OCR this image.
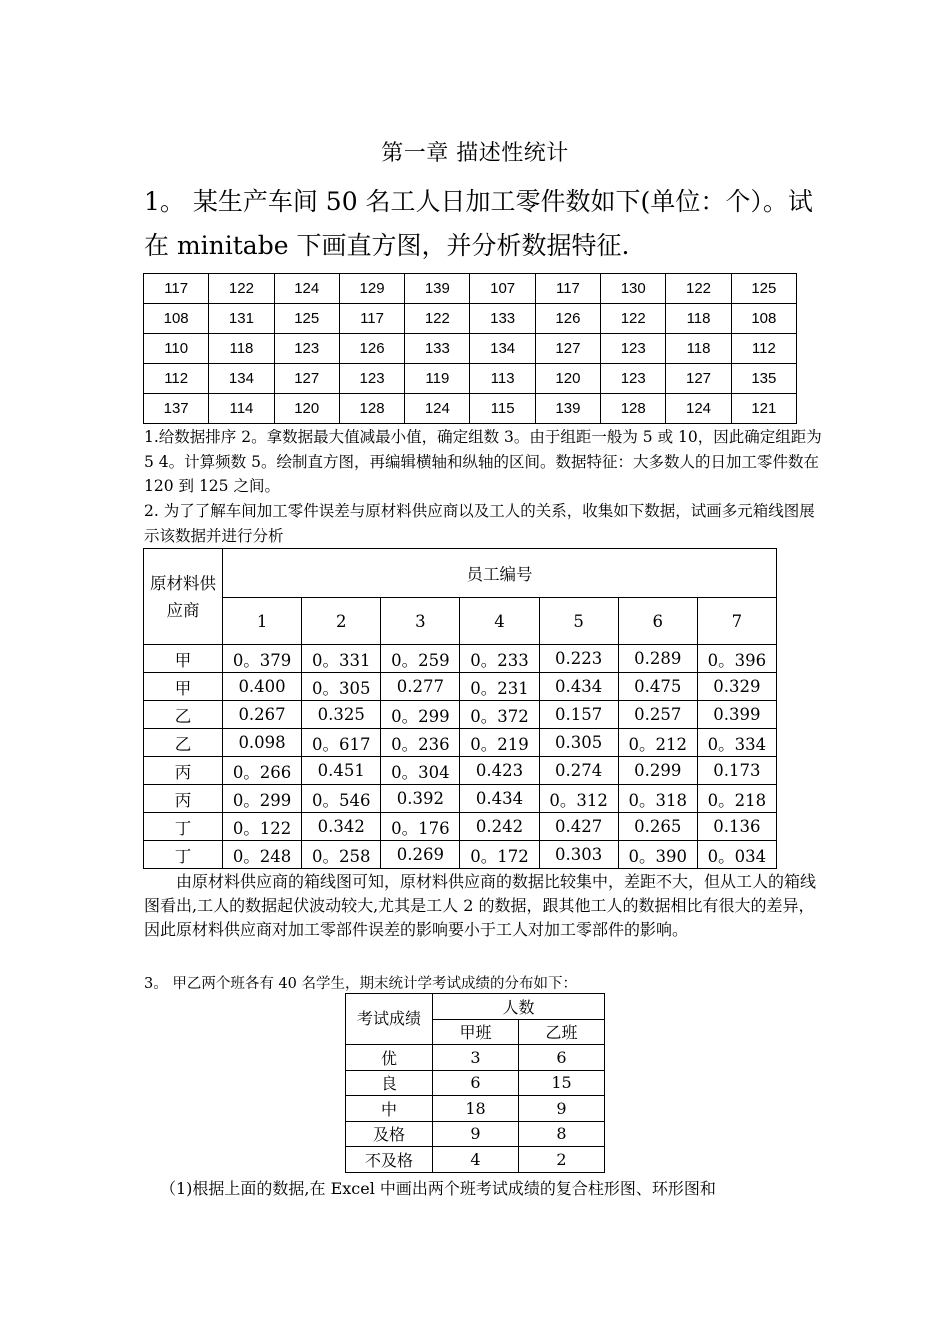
第一章 描述性统计
1。 某生产车间 50 名工人日加工零件数如下(单位：个）。试在 minitabe 下画直方图，并分析数据特征.
117	122	124	129	139	107	117	130	122	125
108	131	125	117	122	133	126	122	118	108
110	118	123	126	133	134	127	123	118	112
112	134	127	123	119	113	120	123	127	135
137	114	120	128	124	115	139	128	124	121
1.给数据排序 2。拿数据最大值减最小值，确定组数 3。由于组距一般为 5 或 10，因此确定组距为 5 4。计算频数 5。绘制直方图，再编辑横轴和纵轴的区间。数据特征：大多数人的日加工零件数在 120 到 125 之间。
2. 为了了解车间加工零件误差与原材料供应商以及工人的关系，收集如下数据，试画多元箱线图展示该数据并进行分析
原材料供应商	员工编号						
	1	2	3	4	5	6	7
甲	0。379	0。331	0。259	0。233	0.223	0.289	0。396
甲	0.400	0。305	0.277	0。231	0.434	0.475	0.329
乙	0.267	0.325	0。299	0。372	0.157	0.257	0.399
乙	0.098	0。617	0。236	0。219	0.305	0。212	0。334
丙	0。266	0.451	0。304	0.423	0.274	0.299	0.173
丙	0。299	0。546	0.392	0.434	0。312	0。318	0。218
丁	0。122	0.342	0。176	0.242	0.427	0.265	0.136
丁	0。248	0。258	0.269	0。172	0.303	0。390	0。034
由原材料供应商的箱线图可知，原材料供应商的数据比较集中，差距不大，但从工人的箱线图看出,工人的数据起伏波动较大,尤其是工人 2 的数据，跟其他工人的数据相比有很大的差异，因此原材料供应商对加工零部件误差的影响要小于工人对加工零部件的影响。
3。 甲乙两个班各有 40 名学生，期末统计学考试成绩的分布如下：
考试成绩	人数	
	甲班	乙班
优	3	6
良	6	15
中	18	9
及格	9	8
不及格	4	2
（1)根据上面的数据,在 Excel 中画出两个班考试成绩的复合柱形图、环形图和
